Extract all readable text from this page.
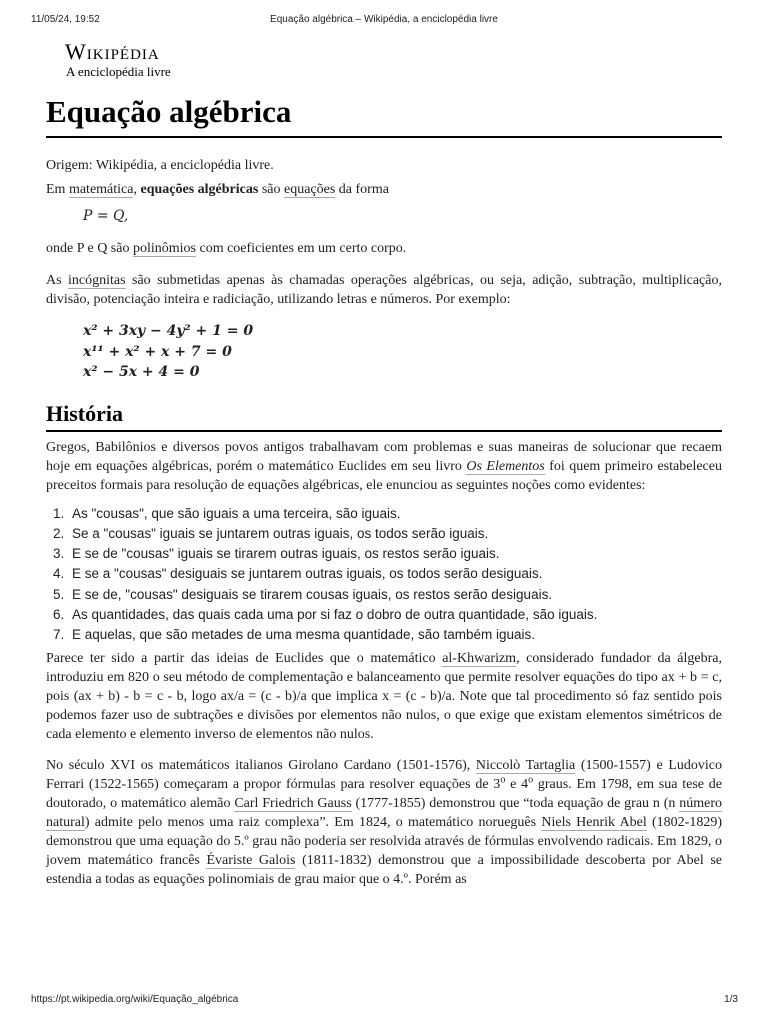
11/05/24, 19:52	Equação algébrica – Wikipédia, a enciclopédia livre
Wikipédia
A enciclopédia livre
Equação algébrica

Origem: Wikipédia, a enciclopédia livre.

Em matemática, equações algébricas são equações da forma

P = Q,

onde P e Q são polinômios com coeficientes em um certo corpo.

As incógnitas são submetidas apenas às chamadas operações algébricas, ou seja, adição, subtração, multiplicação, divisão, potenciação inteira e radiciação, utilizando letras e números. Por exemplo:

x² + 3xy − 4y² + 1 = 0
x¹¹ + x² + x + 7 = 0
x² − 5x + 4 = 0
História

Gregos, Babilônios e diversos povos antigos trabalhavam com problemas e suas maneiras de solucionar que recaem hoje em equações algébricas, porém o matemático Euclides em seu livro Os Elementos foi quem primeiro estabeleceu preceitos formais para resolução de equações algébricas, ele enunciou as seguintes noções como evidentes:

1. As "cousas", que são iguais a uma terceira, são iguais.
2. Se a "cousas" iguais se juntarem outras iguais, os todos serão iguais.
3. E se de "cousas" iguais se tirarem outras iguais, os restos serão iguais.
4. E se a "cousas" desiguais se juntarem outras iguais, os todos serão desiguais.
5. E se de, "cousas" desiguais se tirarem cousas iguais, os restos serão desiguais.
6. As quantidades, das quais cada uma por si faz o dobro de outra quantidade, são iguais.
7. E aquelas, que são metades de uma mesma quantidade, são também iguais.

Parece ter sido a partir das ideias de Euclides que o matemático al-Khwarizm, considerado fundador da álgebra, introduziu em 820 o seu método de complementação e balanceamento que permite resolver equações do tipo ax + b = c, pois (ax + b) - b = c - b, logo ax/a = (c - b)/a que implica x = (c - b)/a. Note que tal procedimento só faz sentido pois podemos fazer uso de subtrações e divisões por elementos não nulos, o que exige que existam elementos simétricos de cada elemento e elemento inverso de elementos não nulos.

No século XVI os matemáticos italianos Girolano Cardano (1501-1576), Niccolò Tartaglia (1500-1557) e Ludovico Ferrari (1522-1565) começaram a propor fórmulas para resolver equações de 3$^o$ e 4$^o$ graus. Em 1798, em sua tese de doutorado, o matemático alemão Carl Friedrich Gauss (1777-1855) demonstrou que “toda equação de grau n (n número natural) admite pelo menos uma raiz complexa”. Em 1824, o matemático norueguês Niels Henrik Abel (1802-1829) demonstrou que uma equação do 5.º grau não poderia ser resolvida através de fórmulas envolvendo radicais. Em 1829, o jovem matemático francês Évariste Galois (1811-1832) demonstrou que a impossibilidade descoberta por Abel se estendia a todas as equações polinomiais de grau maior que o 4.º. Porém as

https://pt.wikipedia.org/wiki/Equação_algébrica	1/3
